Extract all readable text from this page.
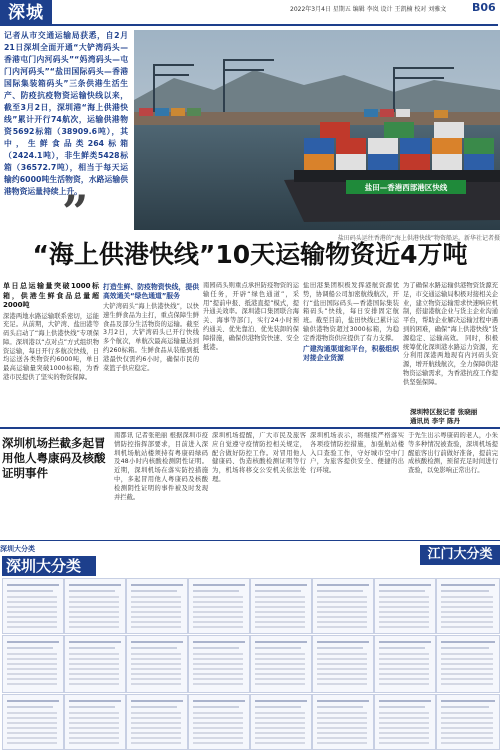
深城	2022年3月4日 星期五 编辑 李岚 设计 王凯楠 校对 刘雅文	B06
记者从市交通运输局获悉，自2月21日深圳全面开通“大铲湾码头—香港屯门内河码头”“妈湾码头—屯门内河码头”“盐田国际码头—香港国际集装箱码头”三条供港生活生产、防疫抗疫物资运输快线以来，截至3月2日，深圳港“海上供港快线”累计开行74航次，运输供港物资5692标箱（38909.6吨），其中，生鲜食品类264标箱（2424.1吨），非生鲜类5428标箱（36572.7吨），相当于每天运输约6000吨生活物资，水路运输供港物资运量持续上升。	盐田—香港西部港区快线
盐田码头运往香港的“海上供港快线”物资船运。新华社记者摄
”
“海上供港快线”10天运输物资近4万吨
单日总运输量突破1000标箱，供港生鲜食品总量超2000吨
深港两地水路运输联系密切，运能充足。从前期，大铲湾、盐田港等码头启动了“海上供港快线”专项保障。深圳港以“点对点”方式组织物资运输，每日开行多航次快线，日均运送各类物资约6000吨，单日最高运输量突破1000标箱，为香港市民提供了坚实的物资保障。
打造生鲜、防疫物资快线，提供高效通关“绿色通道”服务
大铲湾码头“海上供港快线”，以快速生鲜食品为主打，重点保障生鲜食品及部分生活物资的运输。截至3月2日，大铲湾码头已开行快线多个航次，单航次最高运输量达到约260标箱。生鲜食品从装船到抵港最快仅需约6小时，确保市民的菜篮子供应稳定。
南园码头则重点承担防疫物资的运输任务，开辟“绿色通道”，采用“提前申报、抵港直提”模式，提升通关效率。深圳港口集团联合海关、海事等部门，实行24小时预约通关、优先靠泊、优先装卸的保障措施，确保供港物资快速、安全抵港。
盐田港集团积极发挥港航资源优势，协调船公司加密航线航次，开行“盐田国际码头—香港国际集装箱码头”快线，每日安排固定航班。截至目前，盐田快线已累计运输供港物资超过3000标箱，为稳定香港物资供应提供了有力支撑。
广建沟通渠道和平台，积极组织对接企业货源
为了确保水路运输供港物资货源充足，市交通运输局积极对接相关企业，建立物资运输需求快速响应机制，搭建港航企业与货主企业沟通平台，帮助企业解决运输过程中遇到的困难，确保“海上供港快线”货源稳定、运输高效。 同时，积极统筹优化深圳港水路运力资源，充分利用深港两地现有内河码头资源，增开航线航次，全力保障供港物资运输需求，为香港抗疫工作提供坚强保障。
深圳特区报记者 张晓丽
通讯员 李宇 陈丹
深圳机场拦截多起冒用他人粤康码及核酸证明事件
南都讯 记者张艳丽 根据深圳市疫情防控指挥部要求，目前进入深圳机场航站楼须持有粤康码绿码及48小时内核酸检测阴性证明。近期，深圳机场在落实防控措施中，多起冒用他人粤康码及核酸检测阴性证明的事件被及时发现并拦截。
深圳机场提醒，广大市民及旅客应自觉遵守疫情防控相关规定，配合做好防控工作。对冒用他人健康码、伪造核酸检测证明等行为，机场将移交公安机关依法处理。
深圳机场表示，将继续严格落实各项疫情防控措施，加强航站楼入口查验工作，守好城市空中门户，为旅客提供安全、便捷的出行环境。
于先生出示粤康码的老人，小朱等多种情况被查验，深圳机场提醒旅客出行前做好准备，提前完成核酸检测，预留充足时间进行查验，以免影响正常出行。
深圳大分类
深圳大分类
江门大分类
